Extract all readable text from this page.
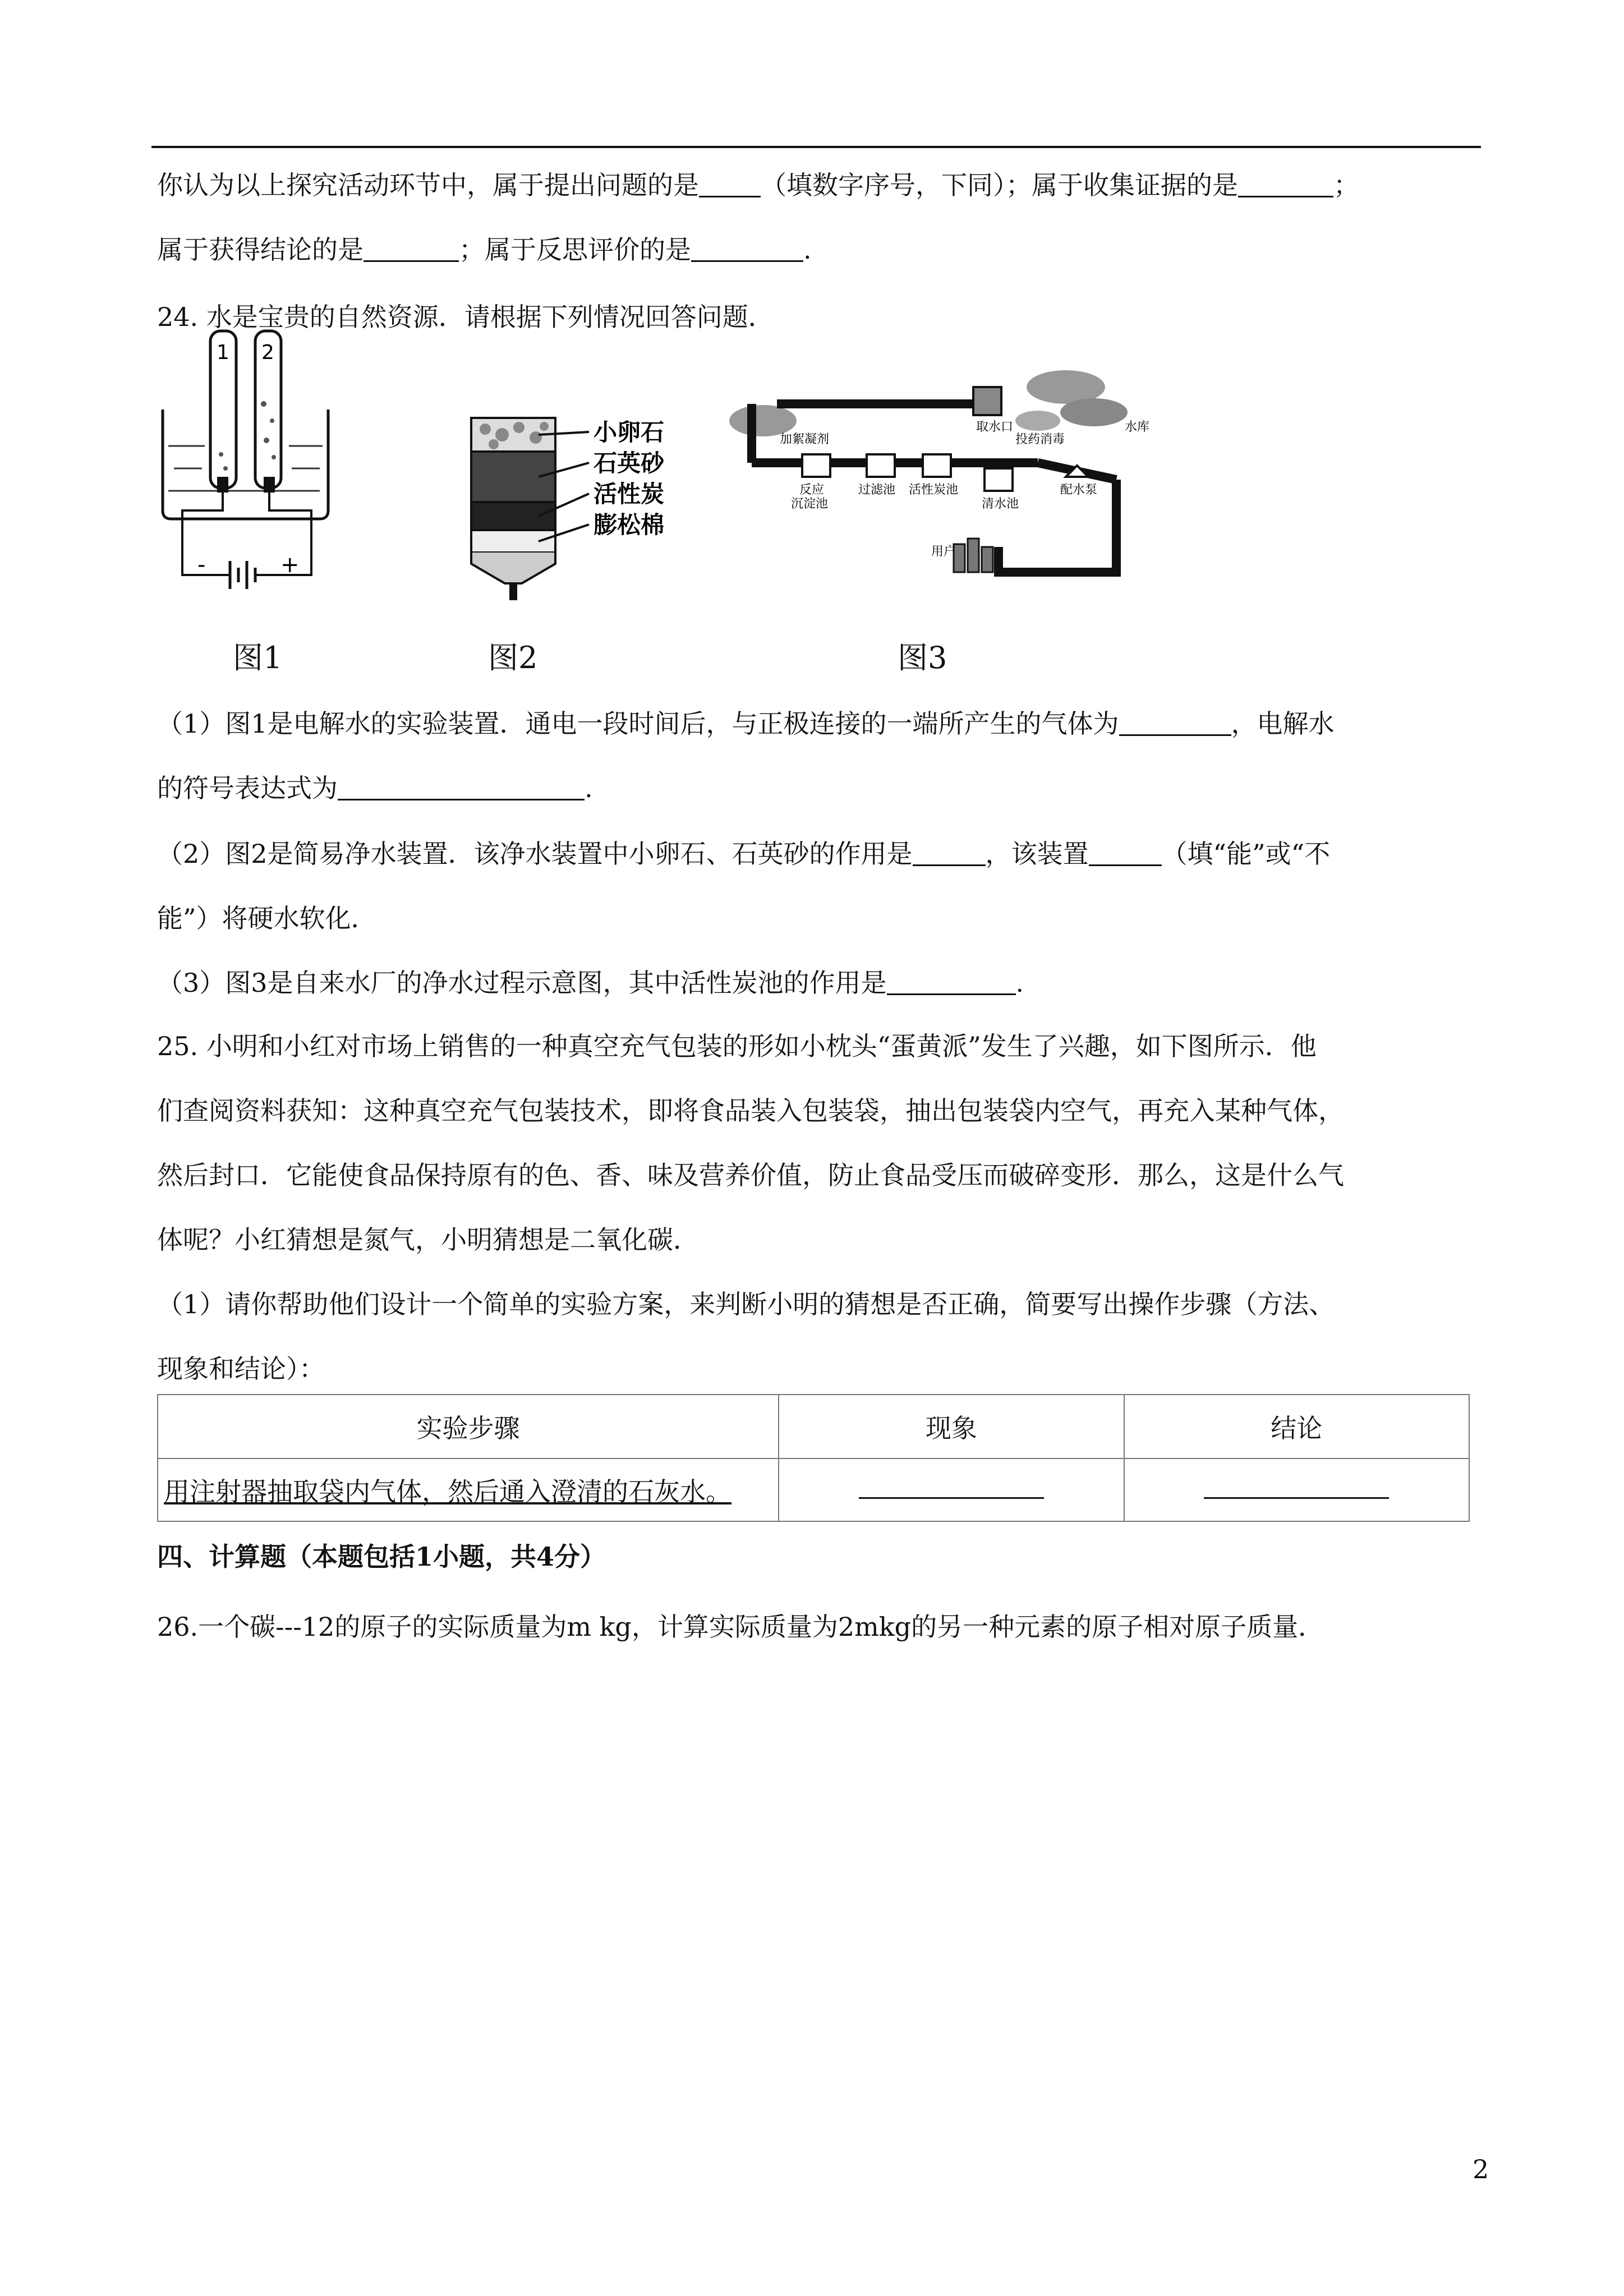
你认为以上探究活动环节中，属于提出问题的是 （填数字序号，下同）；属于收集证据的是	；
属于获得结论的是	；属于反思评价的是	.
24. 水是宝贵的自然资源．请根据下列情况回答问题．
1 2
-	+
图1
小卵石
石英砂
活性炭
膨松棉
图2
取水口	水库
加絮凝剂	投药消毒
反应
沉淀池
过滤池 活性炭池
清水池
配水泵
用户
图3
（1）图1是电解水的实验装置．通电一段时间后，与正极连接的一端所产生的气体为	，电解水
的符号表达式为	.
（2）图2是简易净水装置．该净水装置中小卵石、石英砂的作用是	，该装置	（填“能”或“不
能”）将硬水软化．
（3）图3是自来水厂的净水过程示意图，其中活性炭池的作用是	.
25. 小明和小红对市场上销售的一种真空充气包装的形如小枕头“蛋黄派”发生了兴趣，如下图所示．他
们查阅资料获知：这种真空充气包装技术，即将食品装入包装袋，抽出包装袋内空气，再充入某种气体，
然后封口．它能使食品保持原有的色、香、味及营养价值，防止食品受压而破碎变形．那么，这是什么气
体呢？小红猜想是氮气，小明猜想是二氧化碳．
（1）请你帮助他们设计一个简单的实验方案，来判断小明的猜想是否正确，简要写出操作步骤（方法、
现象和结论）：
实验步骤	现象	结论
用注射器抽取袋内气体，然后通入澄清的石灰水。		
四、计算题（本题包括1小题，共4分）
26.一个碳---12的原子的实际质量为m kg，计算实际质量为2mkg的另一种元素的原子相对原子质量．
2
